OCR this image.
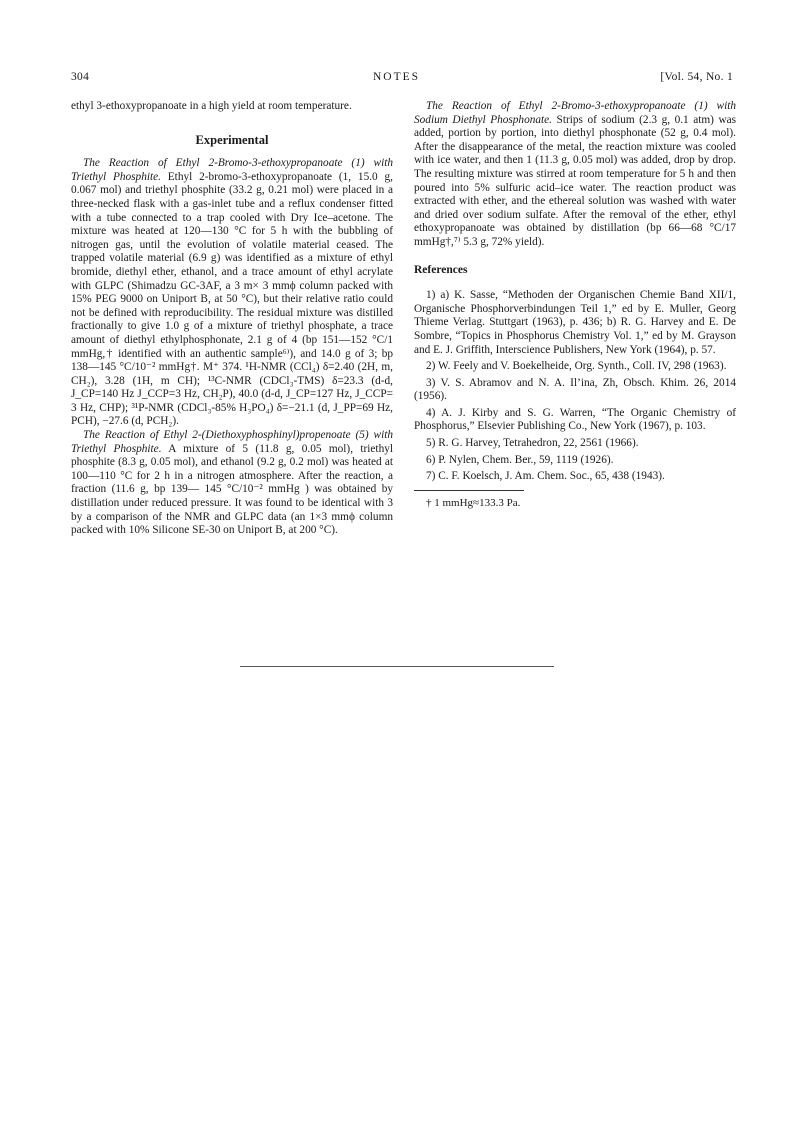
304	NOTES	[Vol. 54, No. 1

ethyl 3-ethoxypropanoate in a high yield at room temperature.

Experimental

The Reaction of Ethyl 2-Bromo-3-ethoxypropanoate (1) with Triethyl Phosphite. Ethyl 2-bromo-3-ethoxypropanoate (1, 15.0 g, 0.067 mol) and triethyl phosphite (33.2 g, 0.21 mol) were placed in a three-necked flask with a gas-inlet tube and a reflux condenser fitted with a tube connected to a trap cooled with Dry Ice–acetone. The mixture was heated at 120—130 °C for 5 h with the bubbling of nitrogen gas, until the evolution of volatile material ceased. The trapped volatile material (6.9 g) was identified as a mixture of ethyl bromide, diethyl ether, ethanol, and a trace amount of ethyl acrylate with GLPC (Shimadzu GC-3AF, a 3 m× 3 mmϕ column packed with 15% PEG 9000 on Uniport B, at 50 °C), but their relative ratio could not be defined with reproducibility. The residual mixture was distilled fractionally to give 1.0 g of a mixture of triethyl phosphate, a trace amount of diethyl ethylphosphonate, 2.1 g of 4 (bp 151—152 °C/1 mmHg,† identified with an authentic sample⁶⁾), and 14.0 g of 3; bp 138—145 °C/10⁻² mmHg†. M⁺ 374. ¹H-NMR (CCl₄) δ=2.40 (2H, m, CH₂), 3.28 (1H, m CH); ¹³C-NMR (CDCl₃-TMS) δ=23.3 (d-d, J_CP=140 Hz J_CCP=3 Hz, CH₂P), 40.0 (d-d, J_CP=127 Hz, J_CCP= 3 Hz, CHP); ³¹P-NMR (CDCl₃-85% H₃PO₄) δ=−21.1 (d, J_PP=69 Hz, PCH), −27.6 (d, PCH₂).

The Reaction of Ethyl 2-(Diethoxyphosphinyl)propenoate (5) with Triethyl Phosphite. A mixture of 5 (11.8 g, 0.05 mol), triethyl phosphite (8.3 g, 0.05 mol), and ethanol (9.2 g, 0.2 mol) was heated at 100—110 °C for 2 h in a nitrogen atmosphere. After the reaction, a fraction (11.6 g, bp 139— 145 °C/10⁻² mmHg ) was obtained by distillation under reduced pressure. It was found to be identical with 3 by a comparison of the NMR and GLPC data (an 1×3 mmϕ column packed with 10% Silicone SE-30 on Uniport B, at 200 °C).

The Reaction of Ethyl 2-Bromo-3-ethoxypropanoate (1) with Sodium Diethyl Phosphonate. Strips of sodium (2.3 g, 0.1 atm) was added, portion by portion, into diethyl phosphonate (52 g, 0.4 mol). After the disappearance of the metal, the reaction mixture was cooled with ice water, and then 1 (11.3 g, 0.05 mol) was added, drop by drop. The resulting mixture was stirred at room temperature for 5 h and then poured into 5% sulfuric acid–ice water. The reaction product was extracted with ether, and the ethereal solution was washed with water and dried over sodium sulfate. After the removal of the ether, ethyl ethoxypropanoate was obtained by distillation (bp 66—68 °C/17 mmHg†,⁷⁾ 5.3 g, 72% yield).

References
1) a) K. Sasse, “Methoden der Organischen Chemie Band XII/1, Organische Phosphorverbindungen Teil 1,” ed by E. Muller, Georg Thieme Verlag. Stuttgart (1963), p. 436; b) R. G. Harvey and E. De Sombre, “Topics in Phosphorus Chemistry Vol. 1,” ed by M. Grayson and E. J. Griffith, Interscience Publishers, New York (1964), p. 57.
2) W. Feely and V. Boekelheide, Org. Synth., Coll. IV, 298 (1963).
3) V. S. Abramov and N. A. Il’ina, Zh, Obsch. Khim. 26, 2014 (1956).
4) A. J. Kirby and S. G. Warren, “The Organic Chemistry of Phosphorus,” Elsevier Publishing Co., New York (1967), p. 103.
5) R. G. Harvey, Tetrahedron, 22, 2561 (1966).
6) P. Nylen, Chem. Ber., 59, 1119 (1926).
7) C. F. Koelsch, J. Am. Chem. Soc., 65, 438 (1943).

† 1 mmHg≈133.3 Pa.
